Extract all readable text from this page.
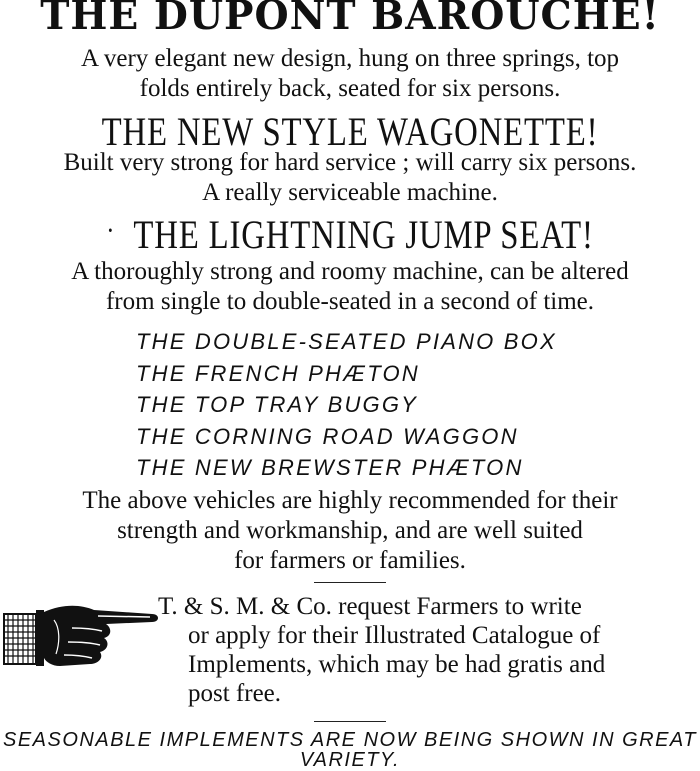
THE DUPONT BAROUCHE!
A very elegant new design, hung on three springs, top
folds entirely back, seated for six persons.
THE NEW STYLE WAGONETTE!
Built very strong for hard service ; will carry six persons.
A really serviceable machine.
· THE LIGHTNING JUMP SEAT!
A thoroughly strong and roomy machine, can be altered
from single to double-seated in a second of time.
THE DOUBLE-SEATED PIANO BOX
THE FRENCH PHÆTON
THE TOP TRAY BUGGY
THE CORNING ROAD WAGGON
THE NEW BREWSTER PHÆTON
The above vehicles are highly recommended for their
strength and workmanship, and are well suited
for farmers or families.
T. & S. M. & Co. request Farmers to write
or apply for their Illustrated Catalogue of
Implements, which may be had gratis and
post free.
SEASONABLE IMPLEMENTS ARE NOW BEING SHOWN IN GREAT
VARIETY.
